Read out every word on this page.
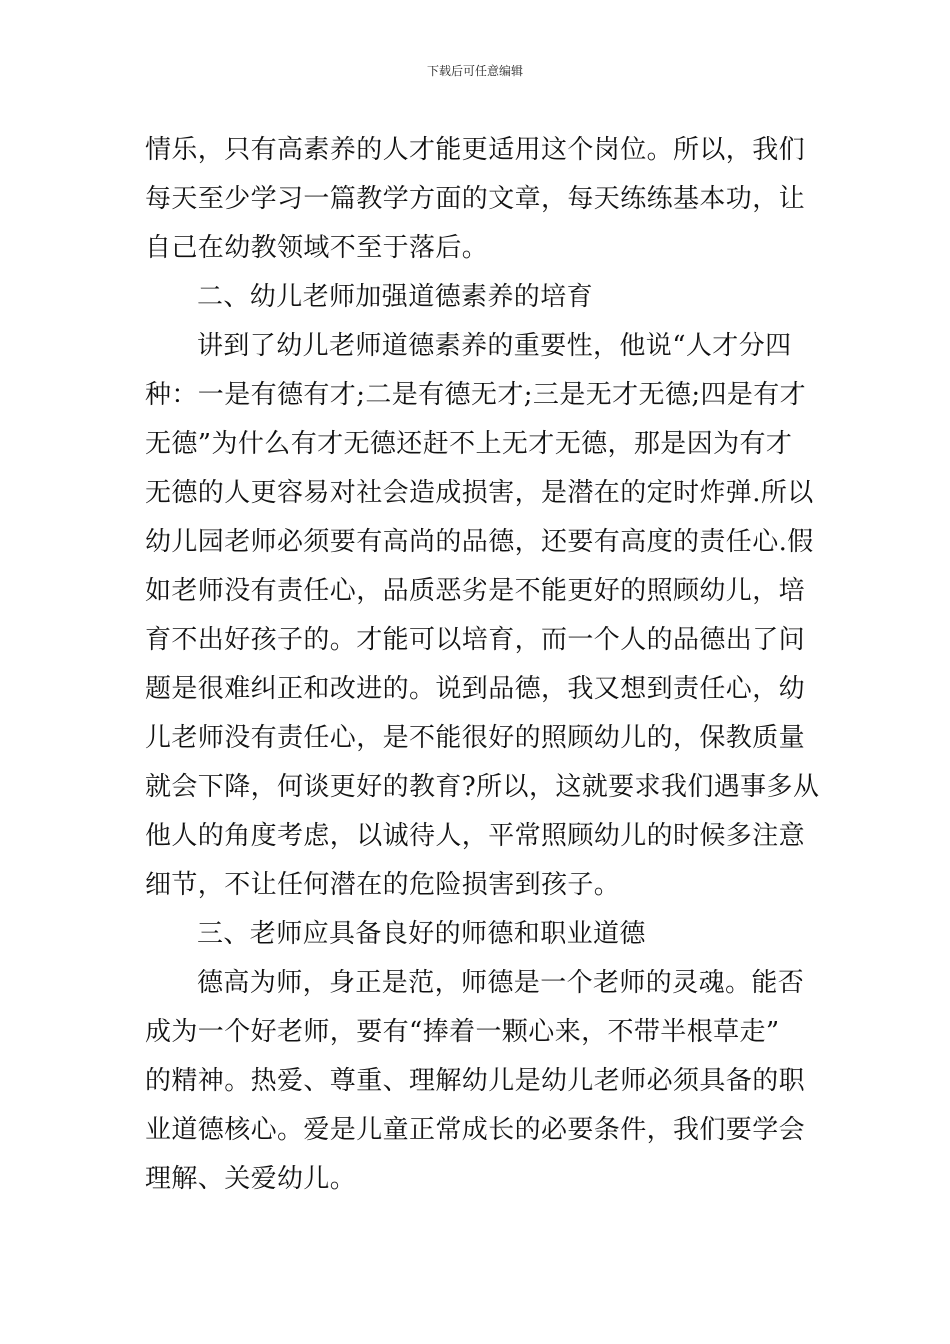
下载后可任意编辑
情乐，只有高素养的人才能更适用这个岗位。所以，我们
每天至少学习一篇教学方面的文章，每天练练基本功，让
自己在幼教领域不至于落后。
二、幼儿老师加强道德素养的培育
讲到了幼儿老师道德素养的重要性，他说“人才分四
种：一是有德有才;二是有德无才;三是无才无德;四是有才
无德”为什么有才无德还赶不上无才无德，那是因为有才
无德的人更容易对社会造成损害，是潜在的定时炸弹.所以
幼儿园老师必须要有高尚的品德，还要有高度的责任心.假
如老师没有责任心，品质恶劣是不能更好的照顾幼儿，培
育不出好孩子的。才能可以培育，而一个人的品德出了问
题是很难纠正和改进的。说到品德，我又想到责任心，幼
儿老师没有责任心，是不能很好的照顾幼儿的，保教质量
就会下降，何谈更好的教育?所以，这就要求我们遇事多从
他人的角度考虑，以诚待人，平常照顾幼儿的时候多注意
细节，不让任何潜在的危险损害到孩子。
三、老师应具备良好的师德和职业道德
德高为师，身正是范，师德是一个老师的灵魂。能否
成为一个好老师，要有“捧着一颗心来，不带半根草走”
的精神。热爱、尊重、理解幼儿是幼儿老师必须具备的职
业道德核心。爱是儿童正常成长的必要条件，我们要学会
理解、关爱幼儿。
